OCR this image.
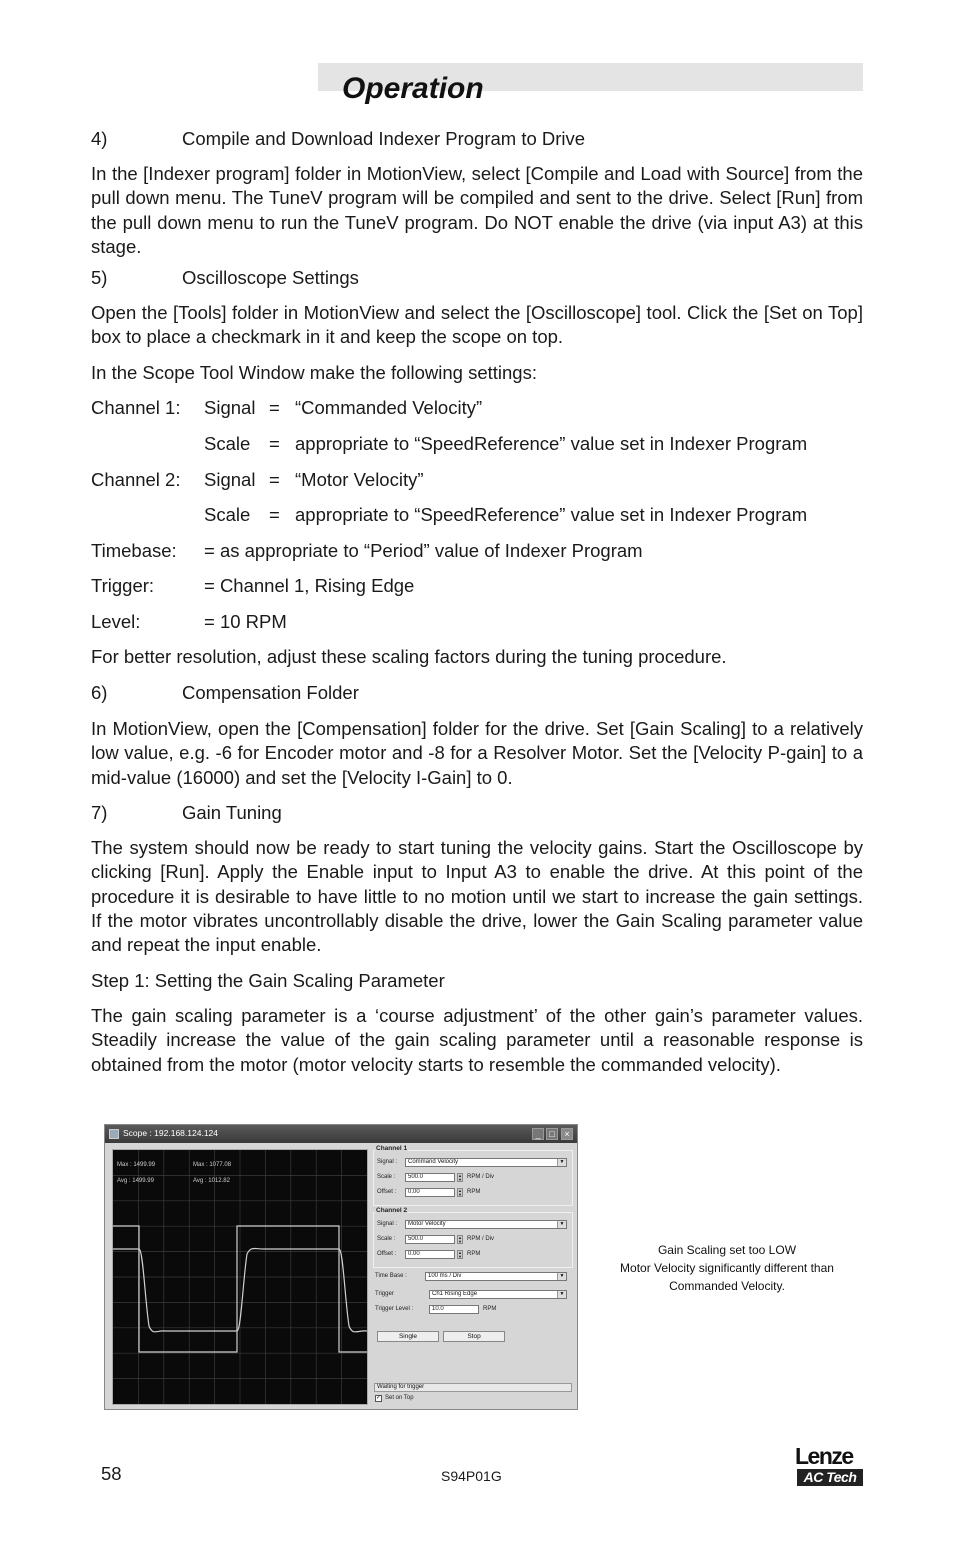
Operation
4)	Compile and Download Indexer Program to Drive
In the [Indexer program] folder in MotionView, select [Compile and Load with Source] from the pull down menu. The TuneV program will be compiled and sent to the drive. Select [Run] from the pull down menu to run the TuneV program. Do NOT enable the drive (via input A3) at this stage.
5)	Oscilloscope Settings
Open the [Tools] folder in MotionView and select the [Oscilloscope] tool. Click the [Set on Top] box to place a checkmark in it and keep the scope on top.
In the Scope Tool Window make the following settings:
Channel 1: Signal = “Commanded Velocity”
Scale = appropriate to “SpeedReference” value set in Indexer Program
Channel 2: Signal = “Motor Velocity”
Scale = appropriate to “SpeedReference” value set in Indexer Program
Timebase: = as appropriate to “Period” value of Indexer Program
Trigger:	= Channel 1, Rising Edge
Level:	= 10 RPM
For better resolution, adjust these scaling factors during the tuning procedure.
6)	Compensation Folder
In MotionView, open the [Compensation] folder for the drive. Set [Gain Scaling] to a relatively low value, e.g. -6 for Encoder motor and -8 for a Resolver Motor. Set the [Velocity P-gain] to a mid-value (16000) and set the [Velocity I-Gain] to 0.
7)	Gain Tuning
The system should now be ready to start tuning the velocity gains. Start the Oscilloscope by clicking [Run]. Apply the Enable input to Input A3 to enable the drive. At this point of the procedure it is desirable to have little to no motion until we start to increase the gain settings. If the motor vibrates uncontrollably disable the drive, lower the Gain Scaling parameter value and repeat the input enable.
Step 1: Setting the Gain Scaling Parameter
The gain scaling parameter is a ‘course adjustment’ of the other gain’s parameter values. Steadily increase the value of the gain scaling parameter until a reasonable response is obtained from the motor (motor velocity starts to resemble the commanded velocity).
Scope : 192.168.124.124	_ □	×
Max : 1499.99
Avg : 1499.99
Max : 1077.08
Avg : 1012.82
Channel 1
Signal :	Command Velocity	▼
Scale :	500.0	▲
▼ RPM / Div
Offset :	0.00	▲
▼ RPM
Channel 2
Signal :	Motor Velocity	▼
Scale :	500.0	▲
▼ RPM / Div
Offset :	0.00	▲
▼ RPM
Time Base :	100 ms / Div	▼
Trigger	Ch1 Rising Edge	▼
Trigger Level :	10.0	RPM
Single	Stop
Waiting for trigger
✓ Set on Top
Gain Scaling set too LOW
Motor Velocity significantly different than
Commanded Velocity.
58	S94P01G
Lenze
AC Tech
